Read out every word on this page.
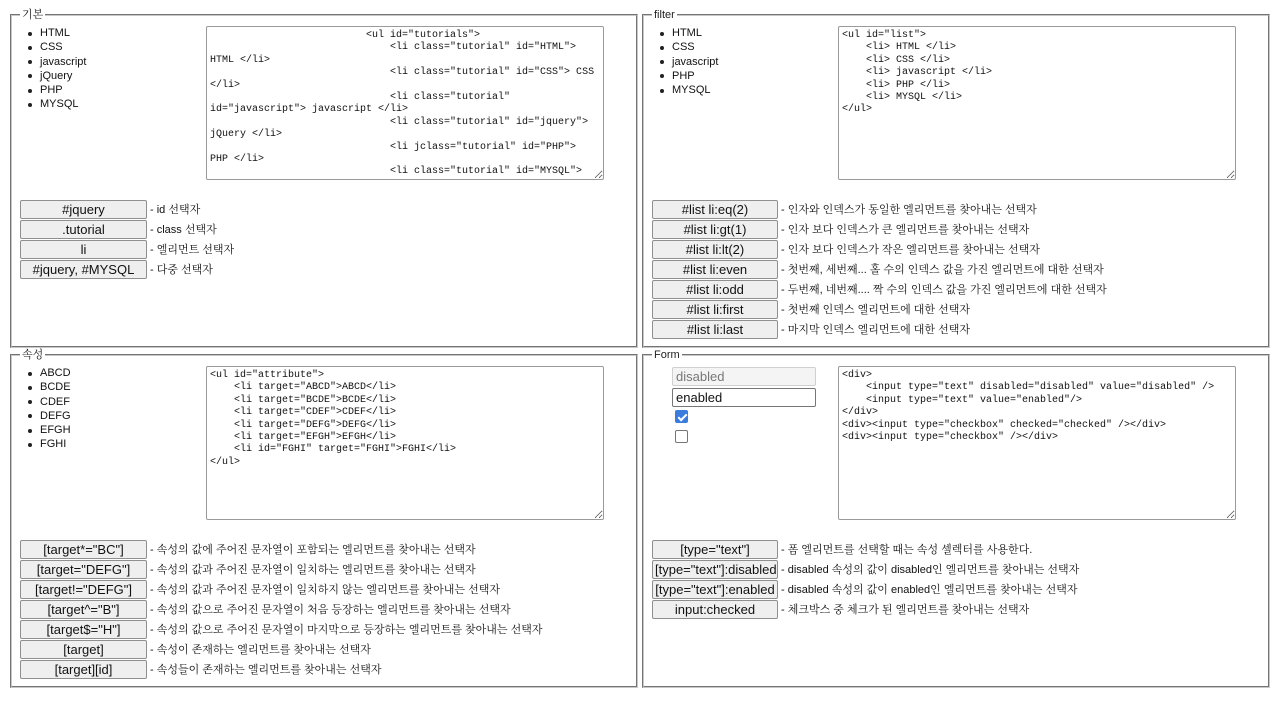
기본
HTML
CSS
javascript
jQuery
PHP
MYSQL
<ul id="tutorials"> <li class="tutorial" id="HTML"> HTML </li> <li class="tutorial" id="CSS"> CSS </li> <li class="tutorial" id="javascript"> javascript </li> <li class="tutorial" id="jquery"> jQuery </li> <li jclass="tutorial" id="PHP"> PHP </li> <li class="tutorial" id="MYSQL">
#jquery	- id 선택자
.tutorial	- class 선택자
li	- 엘리먼트 선택자
#jquery, #MYSQL	- 다중 선택자
filter
HTML
CSS
javascript
PHP
MYSQL
<ul id="list"> <li> HTML </li> <li> CSS </li> <li> javascript </li> <li> PHP </li> <li> MYSQL </li> </ul>
#list li:eq(2)	- 인자와 인덱스가 동일한 엘리먼트를 찾아내는 선택자
#list li:gt(1)	- 인자 보다 인덱스가 큰 엘리먼트를 찾아내는 선택자
#list li:lt(2)	- 인자 보다 인덱스가 작은 엘리먼트를 찾아내는 선택자
#list li:even	- 첫번째, 세번째... 홀 수의 인덱스 값을 가진 엘리먼트에 대한 선택자
#list li:odd	- 두번째, 네번째.... 짝 수의 인덱스 값을 가진 엘리먼트에 대한 선택자
#list li:first	- 첫번째 인덱스 엘리먼트에 대한 선택자
#list li:last	- 마지막 인덱스 엘리먼트에 대한 선택자
속성
ABCD
BCDE
CDEF
DEFG
EFGH
FGHI
<ul id="attribute"> <li target="ABCD">ABCD</li> <li target="BCDE">BCDE</li> <li target="CDEF">CDEF</li> <li target="DEFG">DEFG</li> <li target="EFGH">EFGH</li> <li id="FGHI" target="FGHI">FGHI</li> </ul>
[target*="BC"]	- 속성의 값에 주어진 문자열이 포함되는 엘리먼트를 찾아내는 선택자
[target="DEFG"]	- 속성의 값과 주어진 문자열이 일치하는 엘리먼트를 찾아내는 선택자
[target!="DEFG"]	- 속성의 값과 주어진 문자열이 일치하지 않는 엘리먼트를 찾아내는 선택자
[target^="B"]	- 속성의 값으로 주어진 문자열이 처음 등장하는 엘리먼트를 찾아내는 선택자
[target$="H"]	- 속성의 값으로 주어진 문자열이 마지막으로 등장하는 엘리먼트를 찾아내는 선택자
[target]	- 속성이 존재하는 엘리먼트를 찾아내는 선택자
[target][id]	- 속성들이 존재하는 엘리먼트를 찾아내는 선택자
Form
disabled
enabled
<div> <input type="text" disabled="disabled" value="disabled" /> <input type="text" value="enabled"/> </div> <div><input type="checkbox" checked="checked" /></div> <div><input type="checkbox" /></div>
[type="text"]	- 폼 엘리먼트를 선택할 때는 속성 셀렉터를 사용한다.
[type="text"]:disabled - disabled 속성의 값이 disabled인 엘리먼트를 찾아내는 선택자
[type="text"]:enabled - disabled 속성의 값이 enabled인 엘리먼트를 찾아내는 선택자
input:checked	- 체크박스 중 체크가 된 엘리먼트를 찾아내는 선택자
